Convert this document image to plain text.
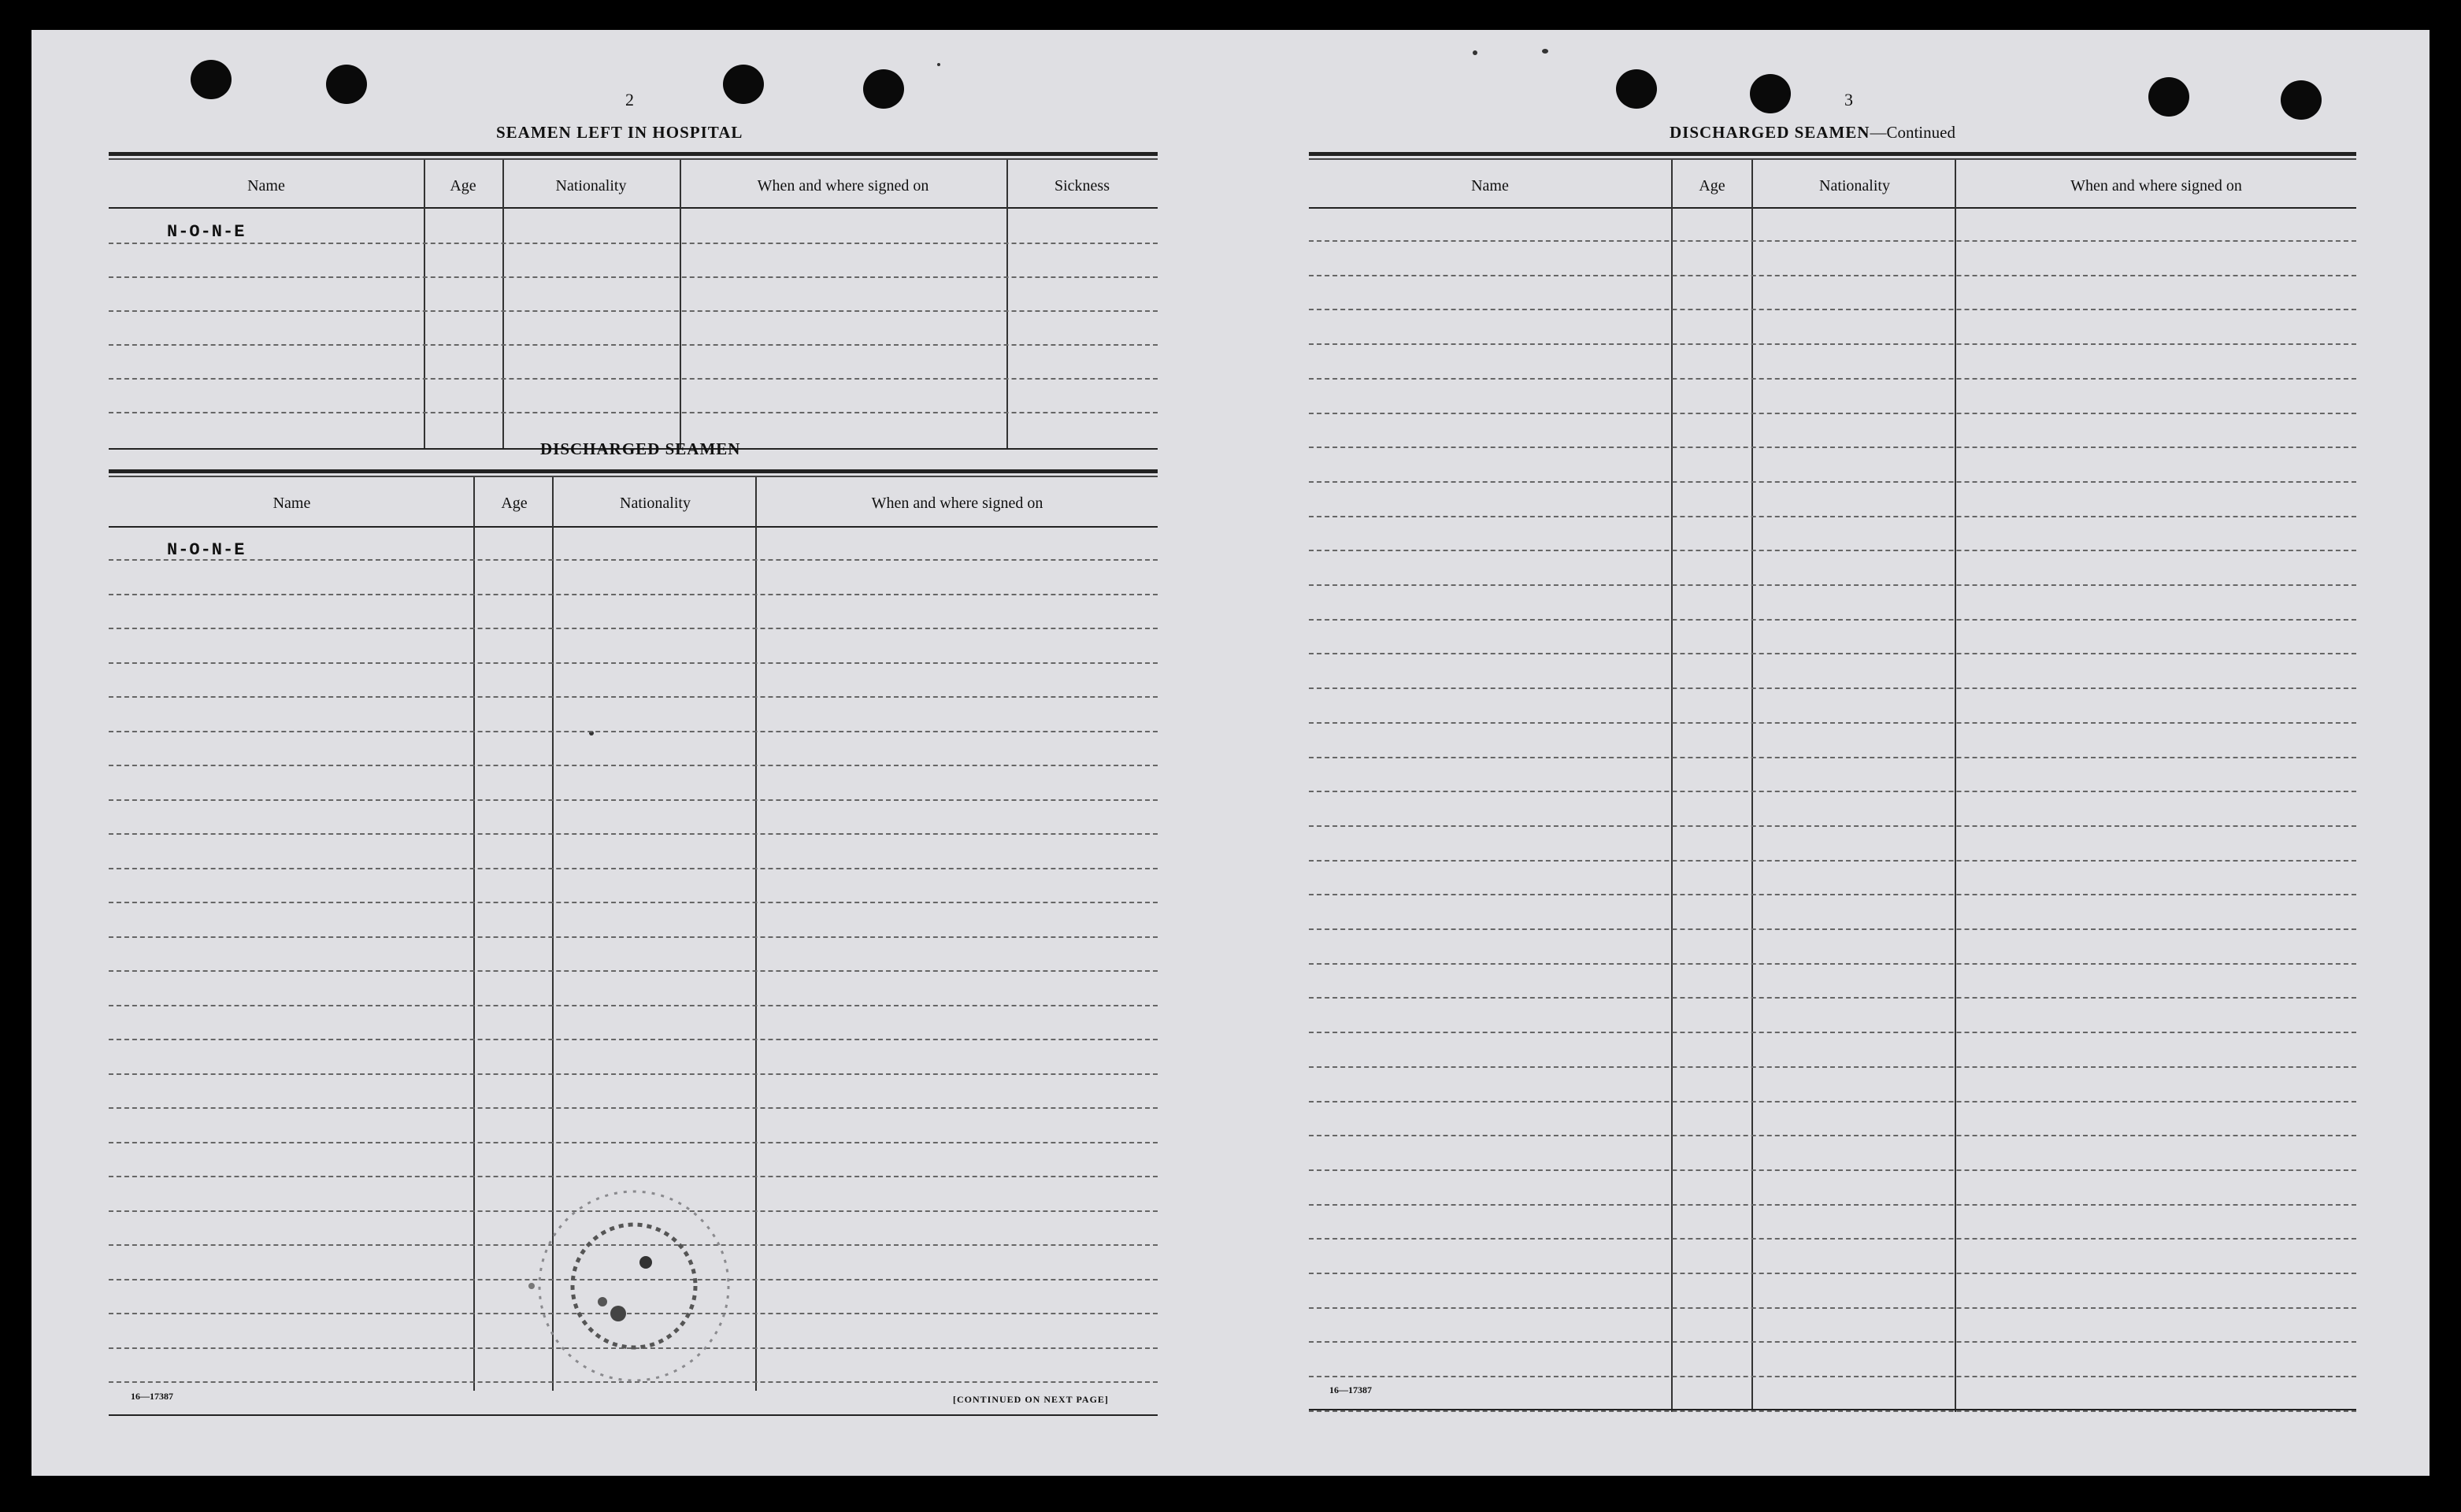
2
SEAMEN LEFT IN HOSPITAL
Name	Age	Nationality	When and where signed on	Sickness
N-O-N-E
DISCHARGED SEAMEN
Name	Age	Nationality	When and where signed on
N-O-N-E
16—17387	[CONTINUED ON NEXT PAGE]
3
DISCHARGED SEAMEN—Continued
Name	Age	Nationality	When and where signed on
16—17387
